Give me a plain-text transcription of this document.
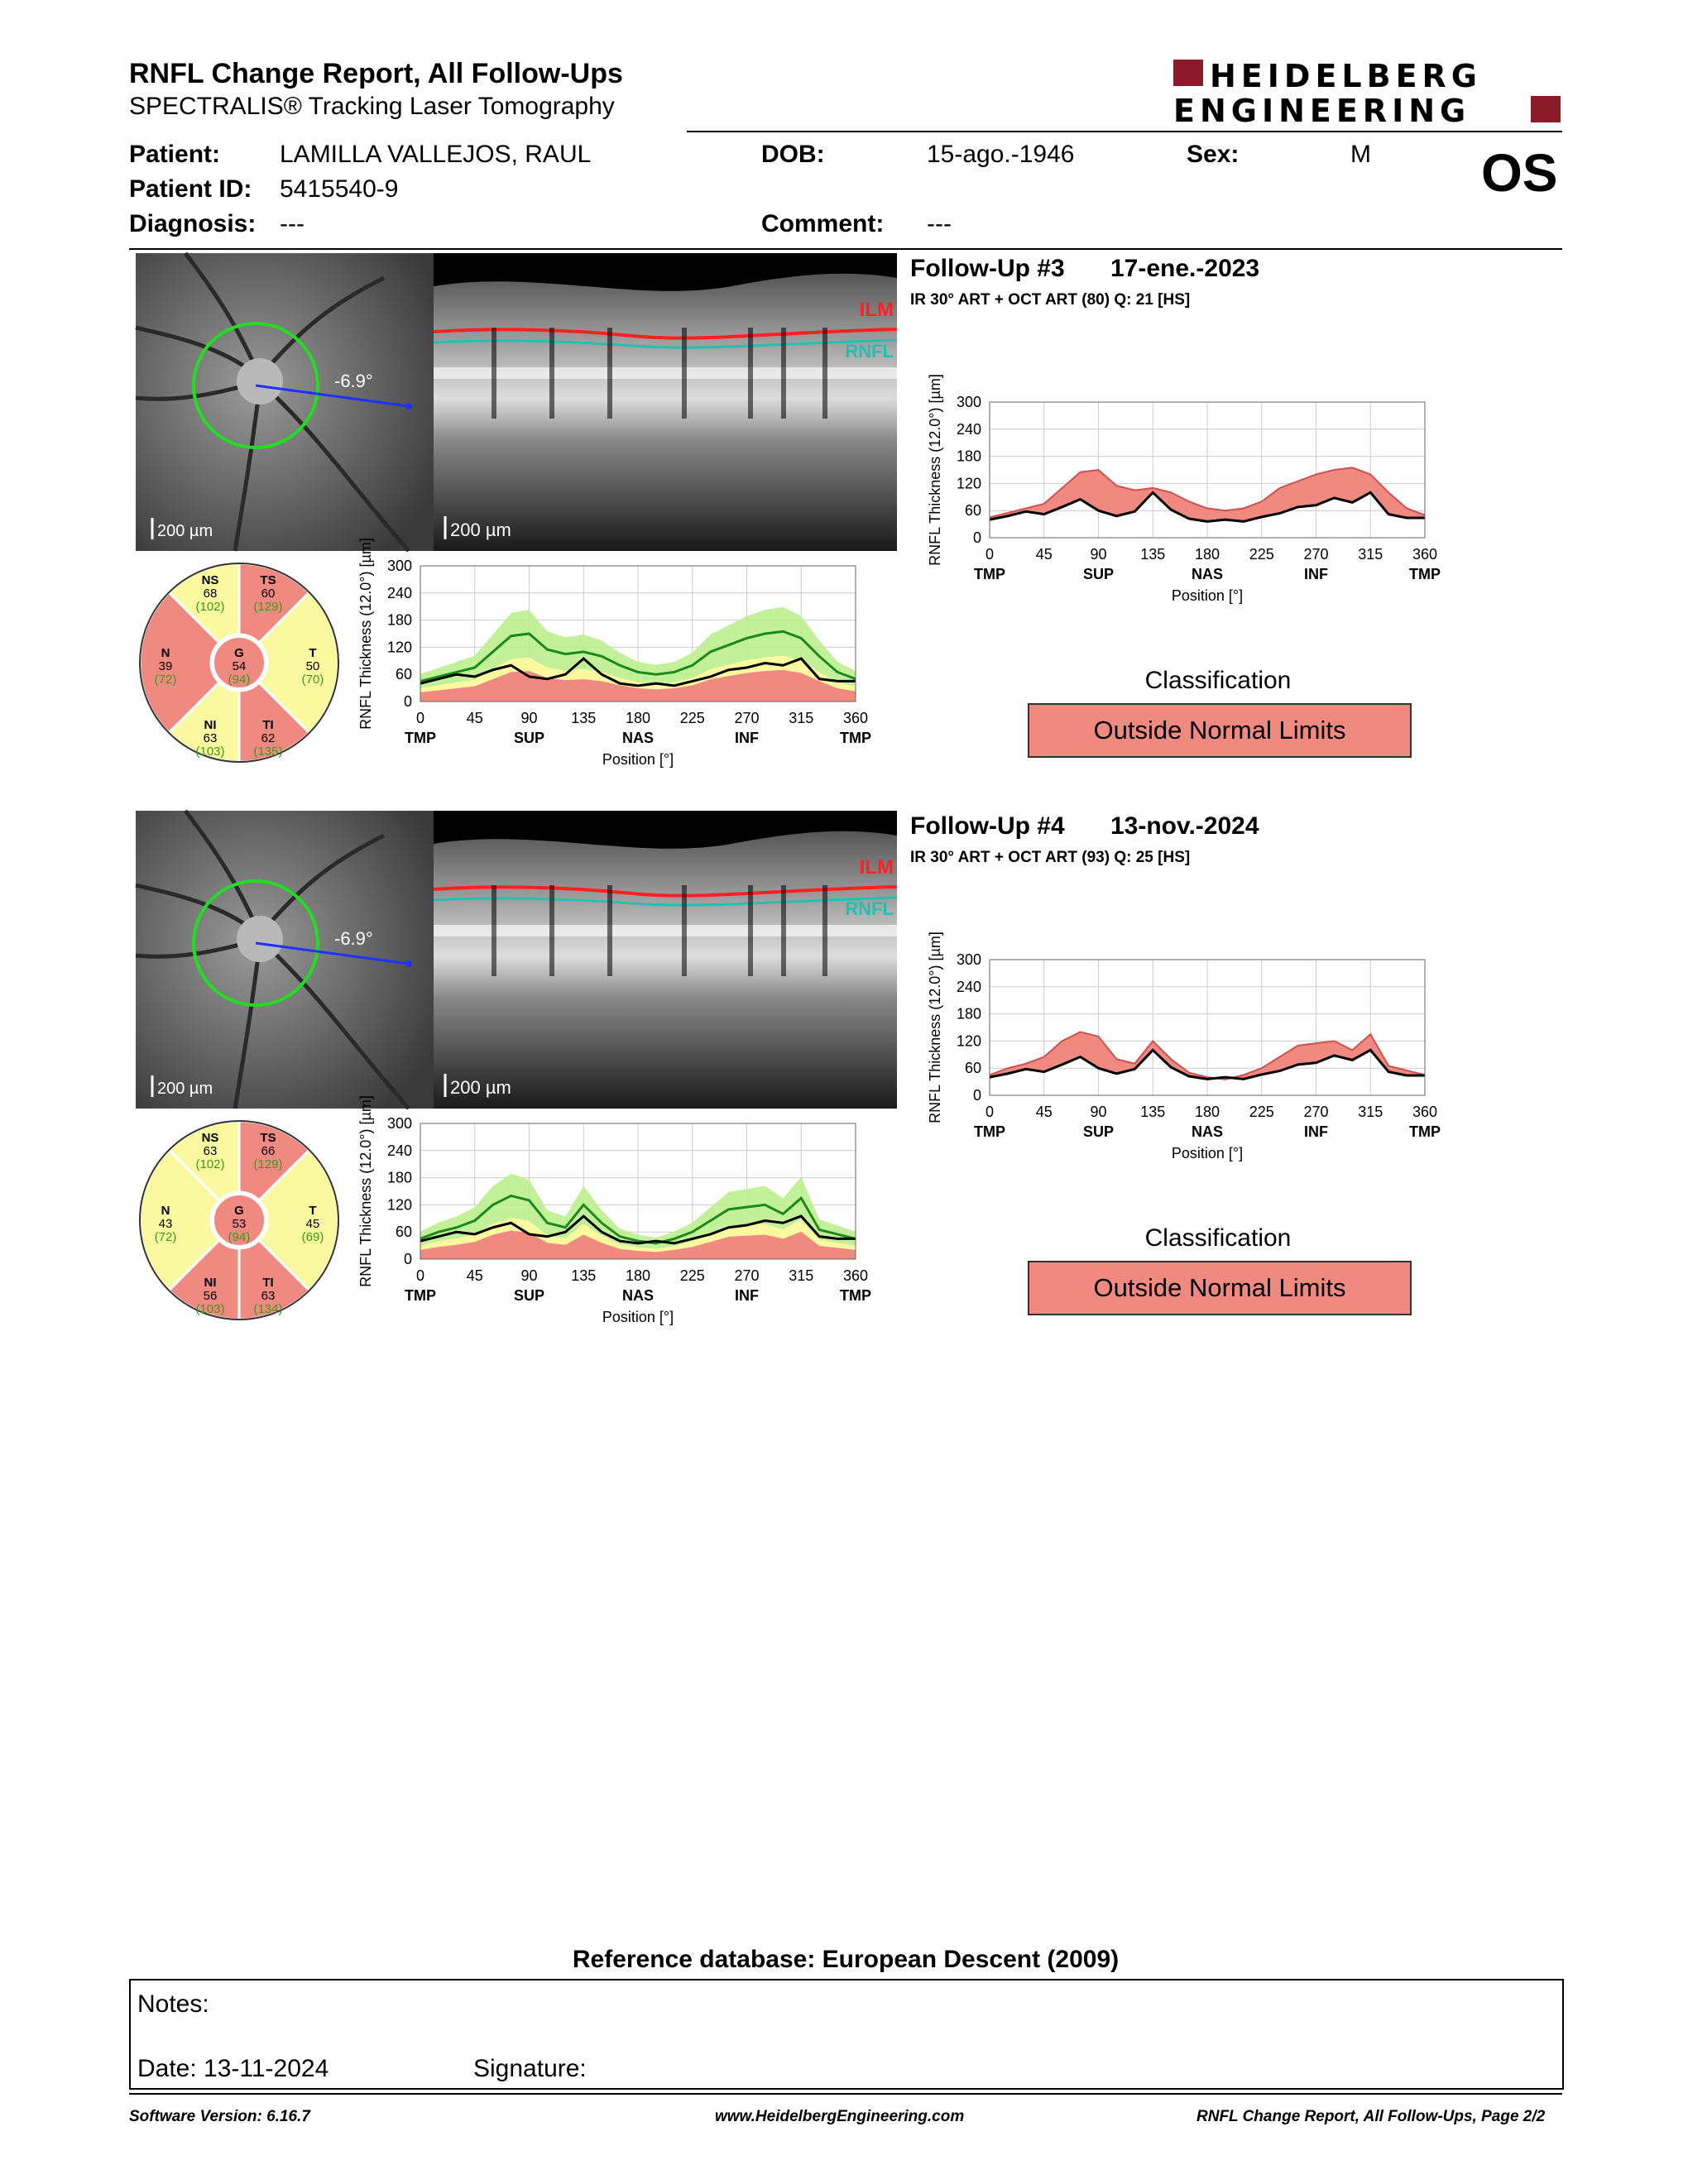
RNFL Change Report, All Follow-Ups
SPECTRALIS® Tracking Laser Tomography
HEIDELBERG
ENGINEERING
Patient: LAMILLA VALLEJOS, RAUL	DOB:	15-ago.-1946	Sex:	M OS
Patient ID: 5415540-9
Diagnosis: ---	Comment: ---
-6.9°
200 µm
ILM
RNFL
200 µm
NS
68
(102)
TS
60
(129)
N
39
(72)
G
54
(94)
T
50
(70)
NI
63
(103)
TI
62
(135)
0
60
120
180
240
300
0	45	90 135 180 225 270 315 360
TMP	SUP	NAS	INF	TMP
Position [°]
RNFL Thickness (12.0°) [µm]
0
60
120
180
240
300
0	45	90 135 180 225 270 315 360
TMP	SUP	NAS	INF	TMP
Position [°]
RNFL Thickness (12.0°) [µm]
Follow-Up #3 17-ene.-2023
IR 30° ART + OCT ART (80) Q: 21 [HS]
Classification
Outside Normal Limits
-6.9°
200 µm
ILM
RNFL
200 µm
NS
63
(102)
TS
66
(129)
N
43
(72)
G
53
(94)
T
45
(69)
NI
56
(103)
TI
63
(134)
0
60
120
180
240
300
0	45	90 135 180 225 270 315 360
TMP	SUP	NAS	INF	TMP
Position [°]
RNFL Thickness (12.0°) [µm]
0
60
120
180
240
300
0	45	90 135 180 225 270 315 360
TMP	SUP	NAS	INF	TMP
Position [°]
RNFL Thickness (12.0°) [µm]
Follow-Up #4 13-nov.-2024
IR 30° ART + OCT ART (93) Q: 25 [HS]
Classification
Outside Normal Limits
Reference database: European Descent (2009)
Notes:
Date: 13-11-2024	Signature:
Software Version: 6.16.7	www.HeidelbergEngineering.com	RNFL Change Report, All Follow-Ups, Page 2/2
